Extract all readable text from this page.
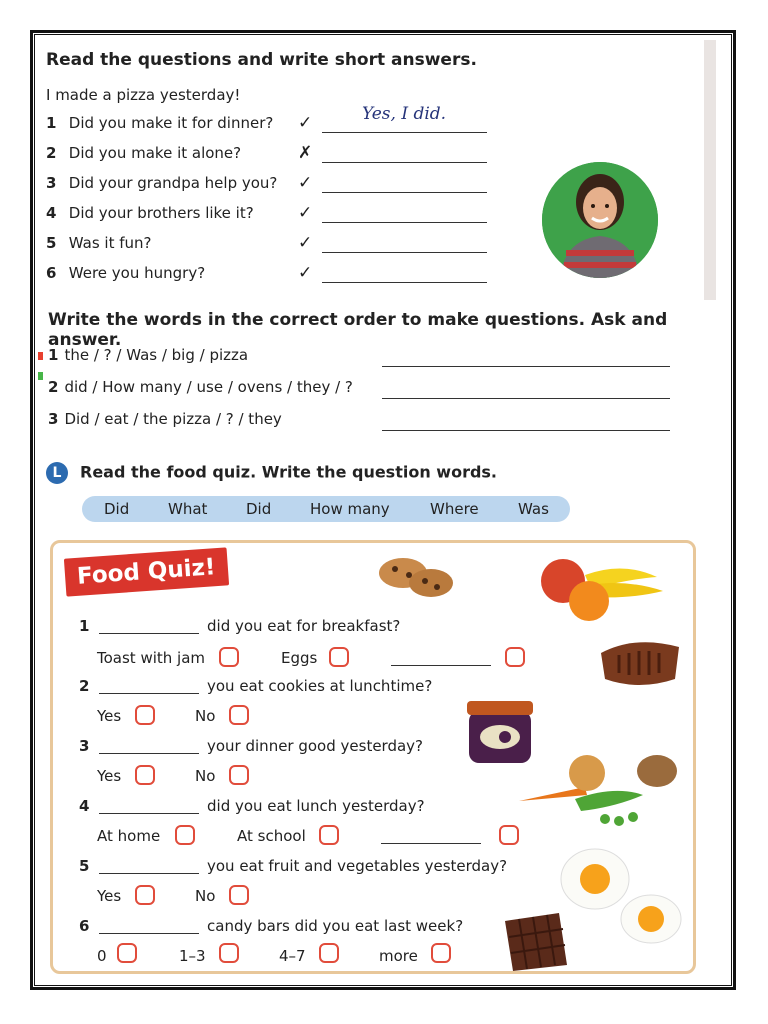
Read the questions and write short answers.
I made a pizza yesterday!
1 Did you make it for dinner? ✓	Yes, I did.
2 Did you make it alone?	✗
3 Did your grandpa help you? ✓
4 Did your brothers like it?	✓
5 Was it fun?	✓
6 Were you hungry?	✓
Write the words in the correct order to make questions. Ask and answer.
1 the / ? / Was / big / pizza
2 did / How many / use / ovens / they / ?
3 Did / eat / the pizza / ? / they
L Read the food quiz. Write the question words.
Did	What	Did	How many	Where	Was
Food Quiz!
1	did you eat for breakfast?
Toast with jam	Eggs
2	you eat cookies at lunchtime?
Yes	No
3	your dinner good yesterday?
Yes	No
4	did you eat lunch yesterday?
At home	At school
5	you eat fruit and vegetables yesterday?
Yes	No
6	candy bars did you eat last week?
0	1–3	4–7	more
